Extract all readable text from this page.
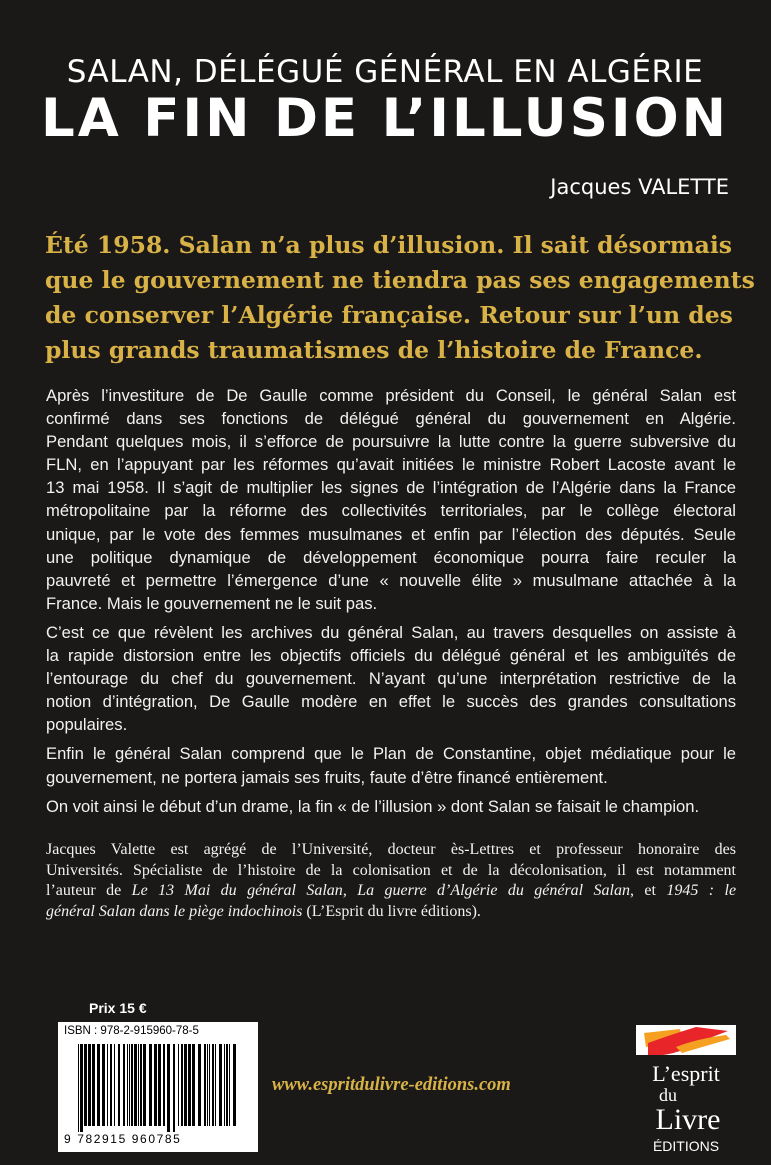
SALAN, DÉLÉGUÉ GÉNÉRAL EN ALGÉRIE
LA FIN DE L’ILLUSION
Jacques VALETTE
Été 1958. Salan n’a plus d’illusion. Il sait désormais
que le gouvernement ne tiendra pas ses engagements
de conserver l’Algérie française. Retour sur l’un des
plus grands traumatismes de l’histoire de France.

Après l’investiture de De Gaulle comme président du Conseil, le général Salan est
confirmé dans ses fonctions de délégué général du gouvernement en Algérie.
Pendant quelques mois, il s’efforce de poursuivre la lutte contre la guerre subversive du
FLN, en l’appuyant par les réformes qu’avait initiées le ministre Robert Lacoste avant le
13 mai 1958. Il s’agit de multiplier les signes de l’intégration de l’Algérie dans la France
métropolitaine par la réforme des collectivités territoriales, par le collège électoral
unique, par le vote des femmes musulmanes et enfin par l’élection des députés. Seule
une politique dynamique de développement économique pourra faire reculer la
pauvreté et permettre l’émergence d’une « nouvelle élite » musulmane attachée à la
France. Mais le gouvernement ne le suit pas.

C’est ce que révèlent les archives du général Salan, au travers desquelles on assiste à
la rapide distorsion entre les objectifs officiels du délégué général et les ambiguïtés de
l’entourage du chef du gouvernement. N’ayant qu’une interprétation restrictive de la
notion d’intégration, De Gaulle modère en effet le succès des grandes consultations
populaires.

Enfin le général Salan comprend que le Plan de Constantine, objet médiatique pour le
gouvernement, ne portera jamais ses fruits, faute d’être financé entièrement.

On voit ainsi le début d’un drame, la fin « de l’illusion » dont Salan se faisait le champion.

Jacques Valette est agrégé de l’Université, docteur ès-Lettres et professeur honoraire des
Universités. Spécialiste de l’histoire de la colonisation et de la décolonisation, il est notamment
l’auteur de Le 13 Mai du général Salan, La guerre d’Algérie du général Salan, et 1945 : le
général Salan dans le piège indochinois (L’Esprit du livre éditions).
Prix 15 €
ISBN : 978-2-915960-78-5
9 782915 960785
www.espritdulivre-editions.com	L’esprit
du
Livre
ÉDITIONS
